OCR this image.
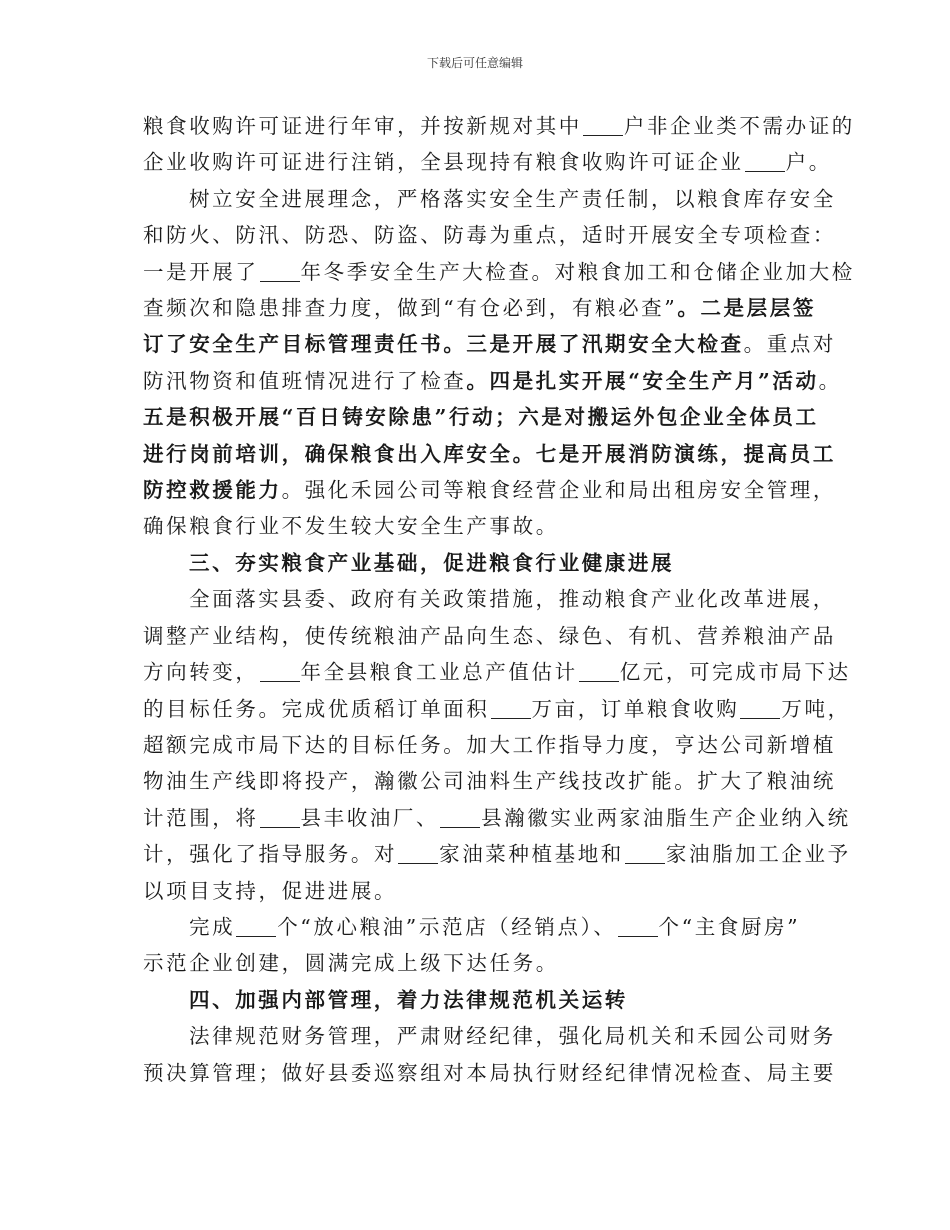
下载后可任意编辑

粮食收购许可证进行年审，并按新规对其中 户非企业类不需办证的

企业收购许可证进行注销，全县现持有粮食收购许可证企业 户。

树立安全进展理念，严格落实安全生产责任制，以粮食库存安全

和防火、防汛、防恐、防盗、防毒为重点，适时开展安全专项检查：

一是开展了 年冬季安全生产大检查。对粮食加工和仓储企业加大检

查频次和隐患排查力度，做到“有仓必到，有粮必查”。二是层层签

订了安全生产目标管理责任书。三是开展了汛期安全大检查。重点对

防汛物资和值班情况进行了检查。四是扎实开展“安全生产月”活动。

五是积极开展“百日铸安除患”行动；六是对搬运外包企业全体员工

进行岗前培训，确保粮食出入库安全。七是开展消防演练，提高员工

防控救援能力。强化禾园公司等粮食经营企业和局出租房安全管理，

确保粮食行业不发生较大安全生产事故。

三、夯实粮食产业基础，促进粮食行业健康进展

全面落实县委、政府有关政策措施，推动粮食产业化改革进展，

调整产业结构，使传统粮油产品向生态、绿色、有机、营养粮油产品

方向转变， 年全县粮食工业总产值估计 亿元，可完成市局下达

的目标任务。完成优质稻订单面积 万亩，订单粮食收购 万吨，

超额完成市局下达的目标任务。加大工作指导力度，亨达公司新增植

物油生产线即将投产，瀚徽公司油料生产线技改扩能。扩大了粮油统

计范围，将 县丰收油厂、 县瀚徽实业两家油脂生产企业纳入统

计，强化了指导服务。对 家油菜种植基地和 家油脂加工企业予

以项目支持，促进进展。

完成 个“放心粮油”示范店（经销点）、 个“主食厨房”

示范企业创建，圆满完成上级下达任务。

四、加强内部管理，着力法律规范机关运转

法律规范财务管理，严肃财经纪律，强化局机关和禾园公司财务

预决算管理；做好县委巡察组对本局执行财经纪律情况检查、局主要
